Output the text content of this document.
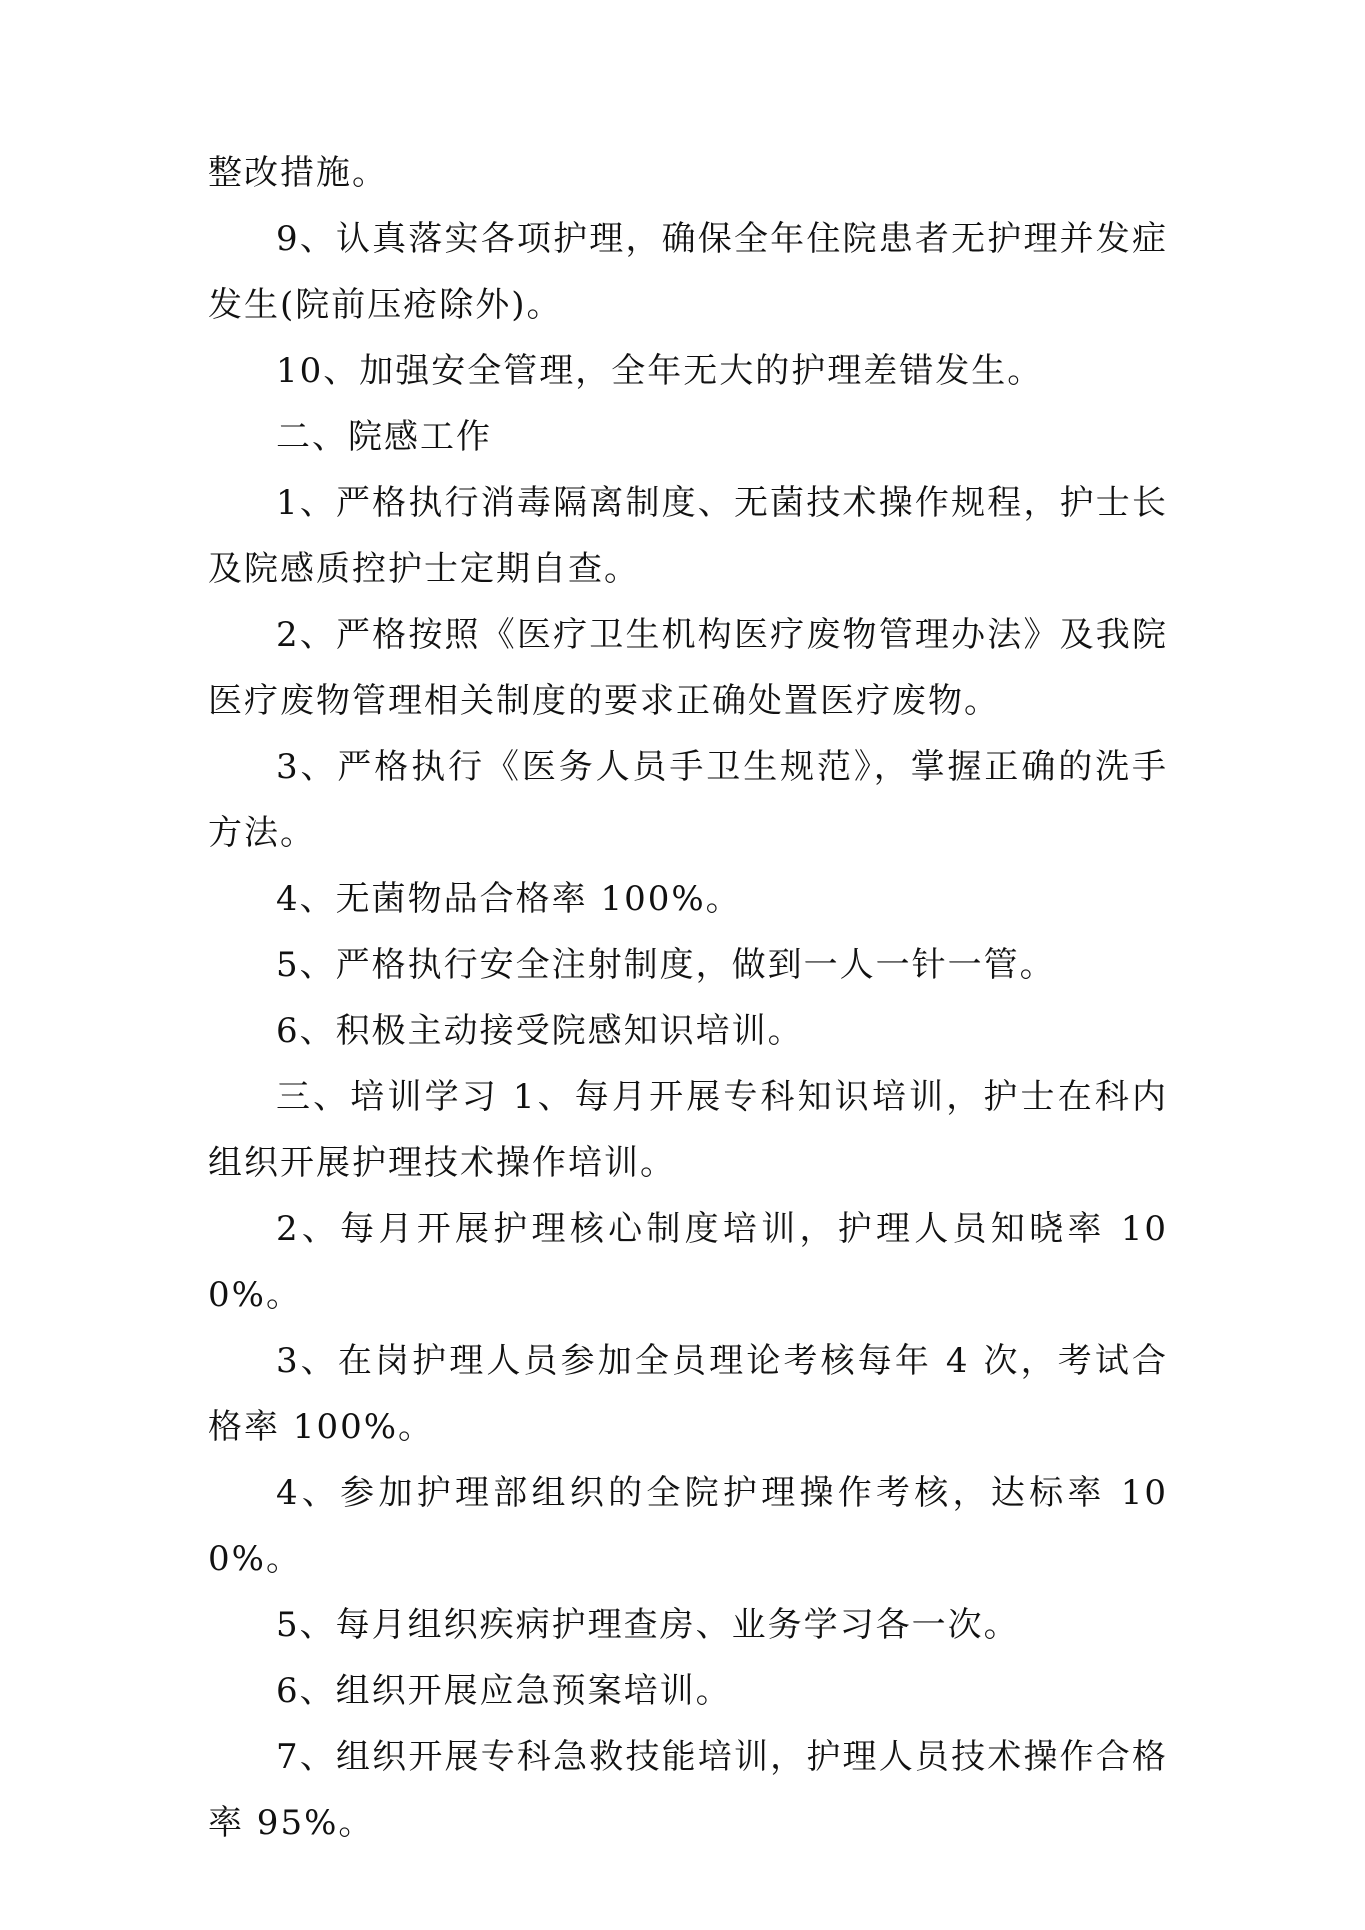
整改措施。

9、认真落实各项护理，确保全年住院患者无护理并发症发生(院前压疮除外)。

10、加强安全管理，全年无大的护理差错发生。

二、院感工作

1、严格执行消毒隔离制度、无菌技术操作规程，护士长及院感质控护士定期自查。

2、严格按照《医疗卫生机构医疗废物管理办法》及我院医疗废物管理相关制度的要求正确处置医疗废物。

3、严格执行《医务人员手卫生规范》，掌握正确的洗手方法。

4、无菌物品合格率 100%。

5、严格执行安全注射制度，做到一人一针一管。

6、积极主动接受院感知识培训。

三、培训学习 1、每月开展专科知识培训，护士在科内组织开展护理技术操作培训。

2、每月开展护理核心制度培训，护理人员知晓率 100%。

3、在岗护理人员参加全员理论考核每年 4 次，考试合格率 100%。

4、参加护理部组织的全院护理操作考核，达标率 100%。

5、每月组织疾病护理查房、业务学习各一次。

6、组织开展应急预案培训。

7、组织开展专科急救技能培训，护理人员技术操作合格率 95%。
